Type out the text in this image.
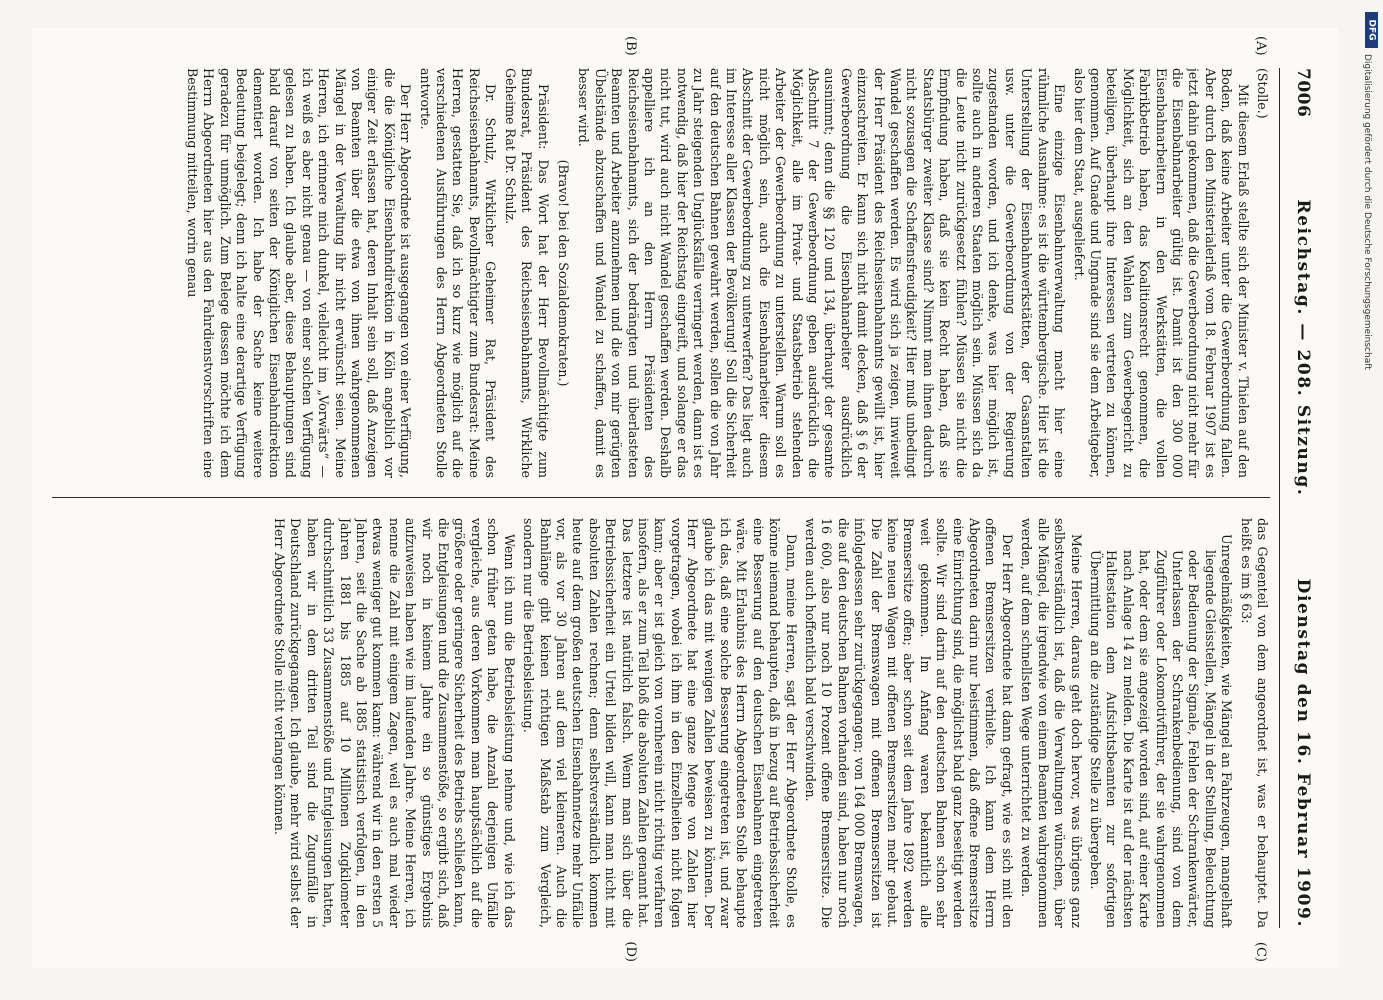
7006
Reichstag. — 208. Sitzung.
Dienstag den 16. Februar 1909.
(A)
(B)
(C)
(D)

(Stolle.)

Mit diesem Erlaß stellte sich der Minister v. Thielen auf den Boden, daß keine Arbeiter unter die Gewerbeordnung fallen. Aber durch den Ministerialerlaß vom 18. Februar 1907 ist es jetzt dahin gekommen, daß die Gewerbeordnung nicht mehr für die Eisenbahnarbeiter gültig ist. Damit ist den 300 000 Eisenbahnarbeitern in den Werkstätten, die vollen Fabrikbetrieb haben, das Koalitionsrecht genommen, die Möglichkeit, sich an den Wahlen zum Gewerbegericht zu beteiligen, überhaupt ihre Interessen vertreten zu können, genommen. Auf Gnade und Ungnade sind sie dem Arbeitgeber, also hier dem Staat, ausgeliefert.

Eine einzige Eisenbahnverwaltung macht hier eine rühmliche Ausnahme: es ist die württembergische. Hier ist die Unterstellung der Eisenbahnwerkstätten, der Gasanstalten usw. unter die Gewerbeordnung von der Regierung zugestanden worden, und ich denke, was hier möglich ist, sollte auch in anderen Staaten möglich sein. Müssen sich da die Leute nicht zurückgesetzt fühlen? Müssen sie nicht die Empfindung haben, daß sie kein Recht haben, daß sie Staatsbürger zweiter Klasse sind? Nimmt man ihnen dadurch nicht sozusagen die Schaffensfreudigkeit? Hier muß unbedingt Wandel geschaffen werden. Es wird sich ja zeigen, inwieweit der Herr Präsident des Reichseisenbahnamts gewillt ist, hier einzuschreiten. Er kann sich nicht damit decken, daß § 6 der Gewerbeordnung die Eisenbahnarbeiter ausdrücklich ausnimmt; denn die §§ 120 und 134, überhaupt der gesamte Abschnitt 7 der Gewerbeordnung geben ausdrücklich die Möglichkeit, alle im Privat- und Staatsbetrieb stehenden Arbeiter der Gewerbeordnung zu unterstellen. Warum soll es nicht möglich sein, auch die Eisenbahnarbeiter diesem Abschnitt der Gewerbeordnung zu unterwerfen? Das liegt auch im Interesse aller Klassen der Bevölkerung! Soll die Sicherheit auf den deutschen Bahnen gewahrt werden, sollen die von Jahr zu Jahr steigenden Unglücksfälle verringert werden, dann ist es notwendig, daß hier der Reichstag eingreift, und solange er das nicht tut, wird auch nicht Wandel geschaffen werden. Deshalb appelliere ich an den Herrn Präsidenten des Reichseisenbahnamts, sich der bedrängten und überlasteten Beamten und Arbeiter anzunehmen und die von mir gerügten Übelstände abzuschaffen und Wandel zu schaffen, damit es besser wird.

(Bravo! bei den Sozialdemokraten.)

Präsident: Das Wort hat der Herr Bevollmächtigte zum Bundesrat, Präsident des Reichseisenbahnamts, Wirkliche Geheime Rat Dr. Schulz.

Dr. Schulz, Wirklicher Geheimer Rat, Präsident des Reichseisenbahnamts, Bevollmächtigter zum Bundesrat: Meine Herren, gestatten Sie, daß ich so kurz wie möglich auf die verschiedenen Ausführungen des Herrn Abgeordneten Stolle antworte.

Der Herr Abgeordnete ist ausgegangen von einer Verfügung, die die Königliche Eisenbahndirektion in Köln angeblich vor einiger Zeit erlassen hat, deren Inhalt sein soll, daß Anzeigen von Beamten über die etwa von ihnen wahrgenommenen Mängel in der Verwaltung ihr nicht erwünscht seien. Meine Herren, ich erinnere mich dunkel, vielleicht im „Vorwärts“ — ich weiß es aber nicht genau — von einer solchen Verfügung gelesen zu haben. Ich glaube aber, diese Behauptungen sind bald darauf von seiten der Königlichen Eisenbahndirektion dementiert worden. Ich habe der Sache keine weitere Bedeutung beigelegt; denn ich halte eine derartige Verfügung geradezu für unmöglich. Zum Belege dessen möchte ich dem Herrn Abgeordneten hier aus den Fahrdienstvorschriften eine Bestimmung mitteilen, worin genau

das Gegenteil von dem angeordnet ist, was er behauptet. Da heißt es im § 63:

Unregelmäßigkeiten, wie Mängel an Fahrzeugen, mangelhaft liegende Gleisstellen, Mängel in der Stellung, Beleuchtung oder Bedienung der Signale, Fehlen der Schrankenwärter, Unterlassen der Schrankenbedienung, sind von dem Zugführer oder Lokomotivführer, der sie wahrgenommen hat, oder dem sie angezeigt worden sind, auf einer Karte nach Anlage 14 zu melden. Die Karte ist auf der nächsten Haltestation dem Aufsichtsbeamten zur sofortigen Übermittlung an die zuständige Stelle zu übergeben.

Meine Herren, daraus geht doch hervor, was übrigens ganz selbstverständlich ist, daß die Verwaltungen wünschen, über alle Mängel, die irgendwie von einem Beamten wahrgenommen werden, auf dem schnellsten Wege unterrichtet zu werden.

Der Herr Abgeordnete hat dann gefragt, wie es sich mit den offenen Bremsersitzen verhielte. Ich kann dem Herrn Abgeordneten darin nur beistimmen, daß offene Bremsersitze eine Einrichtung sind, die möglichst bald ganz beseitigt werden sollte. Wir sind darin auf den deutschen Bahnen schon sehr weit gekommen. Im Anfang waren bekanntlich alle Bremsersitze offen; aber schon seit dem Jahre 1892 werden keine neuen Wagen mit offenen Bremsersitzen mehr gebaut. Die Zahl der Bremswagen mit offenen Bremsersitzen ist infolgedessen sehr zurückgegangen; von 164 000 Bremswagen, die auf den deutschen Bahnen vorhanden sind, haben nur noch 16 600, also nur noch 10 Prozent offene Bremsersitze. Die werden auch hoffentlich bald verschwinden.

Dann, meine Herren, sagt der Herr Abgeordnete Stolle, es könne niemand behaupten, daß in bezug auf Betriebssicherheit eine Besserung auf den deutschen Eisenbahnen eingetreten wäre. Mit Erlaubnis des Herrn Abgeordneten Stolle behaupte ich das, daß eine solche Besserung eingetreten ist, und zwar glaube ich das mit wenigen Zahlen beweisen zu können. Der Herr Abgeordnete hat eine ganze Menge von Zahlen hier vorgetragen, wobei ich ihm in den Einzelheiten nicht folgen kann; aber er ist gleich von vornherein nicht richtig verfahren insofern, als er zum Teil bloß die absoluten Zahlen genannt hat. Das letztere ist natürlich falsch. Wenn man sich über die Betriebssicherheit ein Urteil bilden will, kann man nicht mit absoluten Zahlen rechnen; denn selbstverständlich kommen heute auf dem großen deutschen Eisenbahnnetze mehr Unfälle vor, als vor 30 Jahren auf dem viel kleineren. Auch die Bahnlänge gibt keinen richtigen Maßstab zum Vergleich, sondern nur die Betriebsleistung.

Wenn ich nun die Betriebsleistung nehme und, wie ich das schon früher getan habe, die Anzahl derjenigen Unfälle vergleiche, aus deren Vorkommen man hauptsächlich auf die größere oder geringere Sicherheit des Betriebs schließen kann, die Entgleisungen und die Zusammenstöße, so ergibt sich, daß wir noch in keinem Jahre ein so günstiges Ergebnis aufzuweisen haben wie im laufenden Jahre. Meine Herren, ich nenne die Zahl mit einigem Zagen, weil es auch mal wieder etwas weniger gut kommen kann: während wir in den ersten 5 Jahren, seit die Sache ab 1885 statistisch verfolgen, in den Jahren 1881 bis 1885 auf 10 Millionen Zugkilometer durchschnittlich 33 Zusammenstöße und Entgleisungen hatten, haben wir in dem dritten Teil sind die Zugunfälle in Deutschland zurückgegangen. Ich glaube, mehr wird selbst der Herr Abgeordnete Stolle nicht verlangen können.

DFG
Digitalisierung gefördert durch die Deutsche Forschungsgemeinschaft
